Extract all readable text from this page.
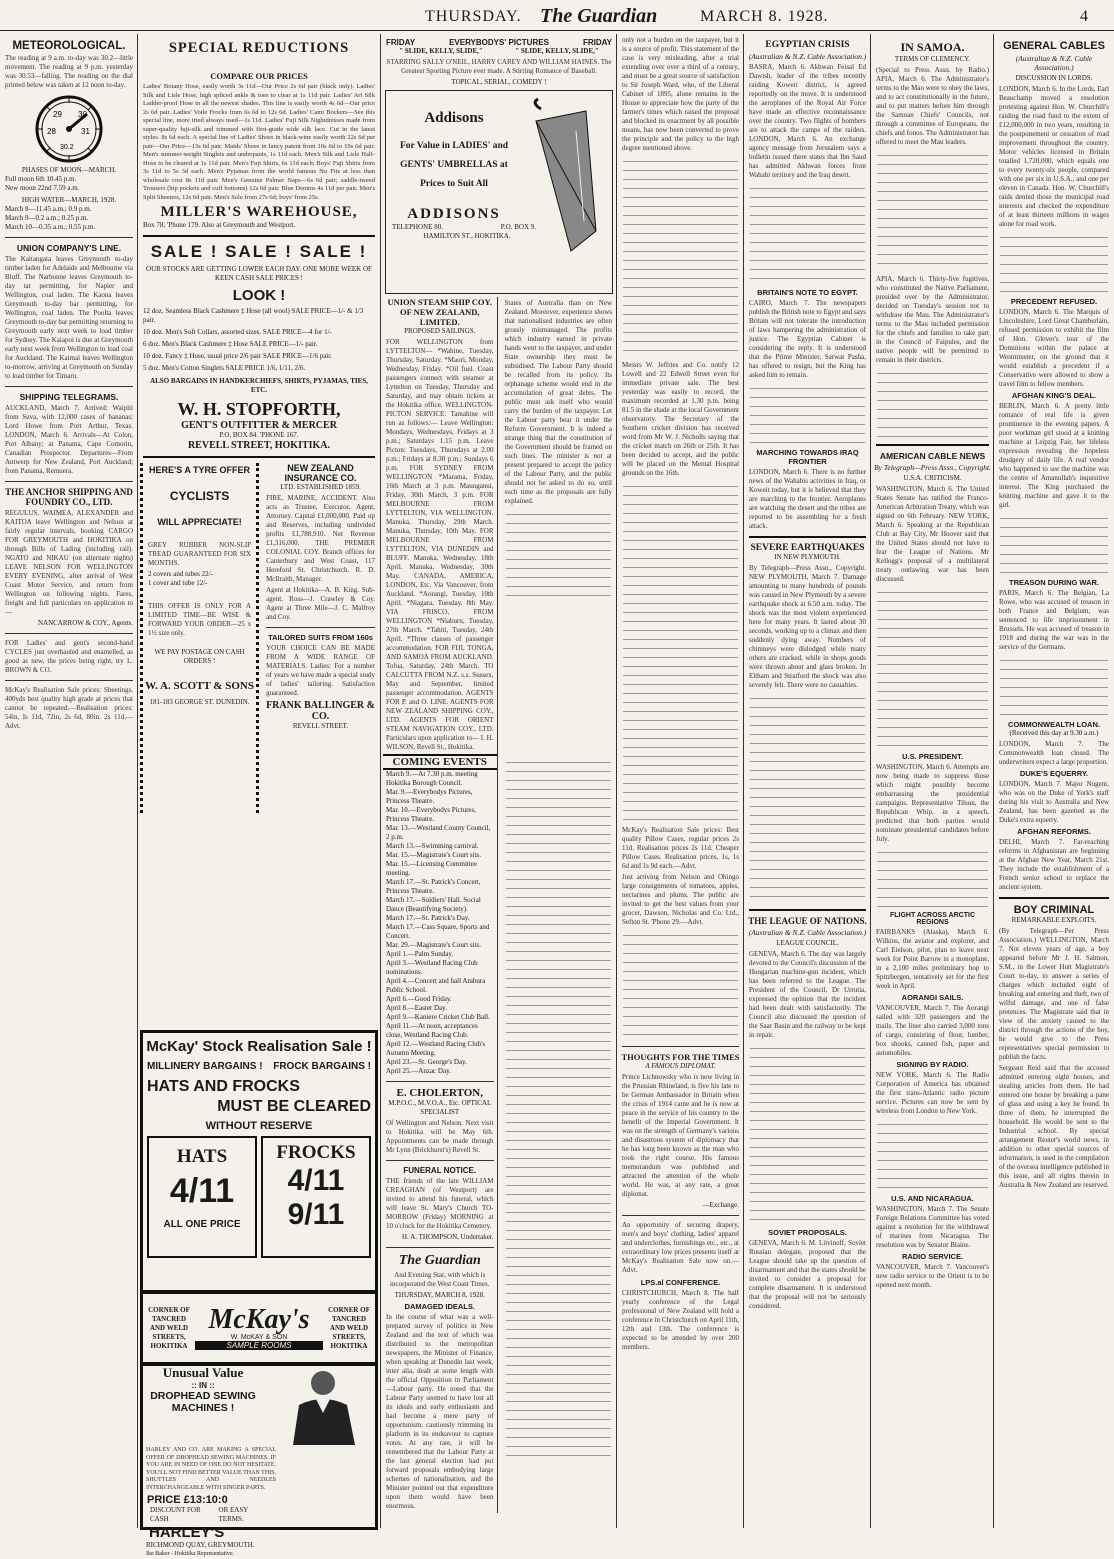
THURSDAY. The Guardian	MARCH 8. 1928.	4
METEOROLOGICAL.
The reading at 9 a.m. to-day was 30.2—little movement. The reading at 9 p.m. yesterday was 30.53—falling. The reading on the dial printed below was taken at 12 noon to-day.
28
29 30
31
30.2
PHASES OF MOON—MARCH.
Full moon 6th 10.45 p.m.
New moon 22nd 7.59 a.m.
HIGH WATER—MARCH, 1928.
March 8—11.45 a.m.; 0.9 p.m.
March 9—0.2 a.m.; 0.25 p.m.
March 10—0.35 a.m.; 0.55 p.m.
UNION COMPANY'S LINE.
The Kaitangata leaves Greymouth to-day timber laden for Adelaide and Melbourne via Bluff. The Narbonne leaves Greymouth to-day tar permitting, for Napier and Wellington, coal laden. The Kaona leaves Greymouth to-day bar permitting, for Wellington, coal laden. The Poolta leaves Greymouth to-day bar permitting returning to Greymouth early next week to load timber for Sydney. The Kaiapoi is due at Greymouth early next week from Wellington to load coal for Auckland. The Kaimai leaves Wellington to-morrow, arriving at Greymouth on Sunday to load timber for Timaru.
SHIPPING TELEGRAMS.
AUCKLAND, March 7. Arrived: Waipiti from Suva, with 12,000 cases of bananas; Lord Howe from Port Arthur, Texas. LONDON, March 6. Arrivals—At Colon, Port Albany; at Panama, Cape Comorin, Canadian Prospector. Departures—From Antwerp for New Zealand, Port Auckland; from Panama, Remuera.
THE ANCHOR SHIPPING AND FOUNDRY CO., LTD.
REGULUS, WAIMEA, ALEXANDER and KAITOA leave Wellington and Nelson at fairly regular intervals, booking CARGO FOR GREYMOUTH and HOKITIKA on through Bills of Lading (including rail). NGATO and NIKAU (on alternate nights) LEAVE NELSON FOR WELLINGTON EVERY EVENING, after arrival of West Coast Motor Service, and return from Wellington on following nights. Fares, freight and full particulars on application to—
NANCARROW & COY., Agents.
FOR Ladies' and gent's second-hand CYCLES just overhauled and enamelled, as good as new, the prices being right, try L. BROWN & CO.
McKay's Realisation Sale prices: Sheetings, 400yds best quality high grade at prices that cannot be repeated.—Realisation prices: 54in, Is 11d, 72in, 2s 6d, 80in. 2s 11d.—Advt.
SPECIAL REDUCTIONS
COMPARE OUR PRICES
Ladies' Botany Hose, easily worth 3s 11d—Our Price 2s 6d pair (black only). Ladies' Silk and Lisle Hose, high spliced ankle & toes to clear at 1s 11d pair. Ladies' Art Silk Ladder-proof Hose in all the newest shades. This line is easily worth 4s 6d—Our price 2s 6d pair. Ladies' Voile Frocks from 6s 6d to 12s 6d. Ladies' Cami Bockers—See this special line, more tried always used—1s 11d. Ladies' Fuji Silk Nightdresses made from super-quality fuji-silk and trimmed with first-grade wide silk lace. Cut in the latest styles. 8s 6d each. A special line of Ladies' Shoes in black-wine easily worth 22s 6d per pair—Our Price—13s 6d pair. Maids' Shoes in fancy patent from 10s 6d to 19s 6d pair. Men's summer-weight Singlets and underpants, 1s 11d each. Men's Silk and Lisle Half-Hose to be cleared at 1s 11d pair. Men's Fuji Shirts, 6s 11d each; Boys' Fuji Shirts from 3s 11d to 5s 3d each. Men's Pyjamas from the world famous Nu Fits at less than wholesale cost 8s 11d pair. Men's Genuine Palmer Naps—6s 6d pair; saddle-tweed Trousers (hip pockets and cuff bottoms) 12s 6d pair. Blue Denims 4s 11d per pair. Men's Split Sheeters, 12s 6d pair. Men's Sole from 27s 6d; boys' from 25s.
MILLER'S WAREHOUSE,
Box 78; 'Phone 179. Also at Greymouth and Westport.
SALE ! SALE ! SALE !
OUR STOCKS ARE GETTING LOWER EACH DAY. ONE MORE WEEK OF KEEN CASH SALE PRICES !
LOOK !
12 doz. Seamless Black Cashmere ‡ Hose (all wool) SALE PRICE—1/- & 1/3 pair.
10 doz. Men's Soft Collars, assorted sizes. SALE PRICE—4 for 1/-
6 doz. Men's Black Cashmere ‡ Hose SALE PRICE—1/- pair.
10 doz. Fancy ‡ Hose, usual price 2/6 pair SALE PRICE—1/6 pair.
5 doz. Men's Cotton Singlets SALE PRICE 1/6, 1/11, 2/6.
ALSO BARGAINS IN HANDKERCHIEFS, SHIRTS, PYJAMAS, TIES, ETC.
W. H. STOPFORTH,
GENT'S OUTFITTER & MERCER
P.O. BOX 84. 'PHONE 167.
REVELL STREET, HOKITIKA.
HERE'S A TYRE OFFER
CYCLISTS
WILL APPRECIATE!
GREY RUBBER NON-SLIP TREAD GUARANTEED FOR SIX MONTHS.
2 covers and tubes 22/-
1 cover and tube 12/-
THIS OFFER IS ONLY FOR A LIMITED TIME—BE WISE & FORWARD YOUR ORDER—25 x 1½ size only.
WE PAY POSTAGE ON CASH ORDERS !
W. A. SCOTT & SONS
181-183 GEORGE ST. DUNEDIN.
NEW ZEALAND INSURANCE CO.
LTD. ESTABLISHED 1859.
FIRE, MARINE, ACCIDENT. Also acts as Trustee, Executor, Agent, Attorney. Capital £1,000,000. Paid up and Reserves, including undivided profits £1,788,910. Net Revenue £1,316,000. THE PREMIER COLONIAL COY. Branch offices for Canterbury and West Coast, 117 Hereford St. Christchurch. R. D. McIlraith, Manager.
Agent at Hokitika—A. B. King. Sub-agent, Ross—J. Crawley & Coy. Agent at Three Mile—J. C. Malfroy and Coy.
TAILORED SUITS FROM 160s
YOUR CHOICE CAN BE MADE FROM A WIDE RANGE OF MATERIALS. Ladies: For a number of years we have made a special study of ladies' tailoring. Satisfaction guaranteed.
FRANK BALLINGER & CO.
REVELL STREET.
McKay' Stock Realisation Sale !
MILLINERY BARGAINS ! FROCK BARGAINS !
HATS AND FROCKS
MUST BE CLEARED
WITHOUT RESERVE
HATS
4/11
ALL ONE PRICE
FROCKS
4/11
9/11
CORNER OF TANCRED AND WELD STREETS, HOKITIKA
McKay's
W. McKAY & SON
SAMPLE ROOMS
CORNER OF TANCRED AND WELD STREETS, HOKITIKA
Unusual Value
:: IN ::
DROPHEAD SEWING MACHINES !
HARLEY AND CO. ARE MAKING A SPECIAL OFFER OF DROPHEAD SEWING MACHINES. IF YOU ARE IN NEED OF ONE DO NOT HESITATE. YOU'LL NOT FIND BETTER VALUE THAN THIS. SHUTTLES AND NEEDLES INTERCHANGEABLE WITH SINGER PARTS.
PRICE £13:10:0
DISCOUNT FOR CASH
OR EASY TERMS.
HARLEY'S
RICHMOND QUAY, GREYMOUTH.
Ike Baker - Hokitika Representative.
FRIDAY	EVERYBODYS' PICTURES	FRIDAY
" SLIDE, KELLY, SLIDE,"	" SLIDE, KELLY, SLIDE,"
STARRING SALLY O'NEIL, HARRY CAREY AND WILLIAM HAINES. The Greatest Sporting Picture ever made. A Stirring Romance of Baseball.
TOPICAL, SERIAL, COMEDY !
Addisons
For Value in LADIES' and GENTS' UMBRELLAS at Prices to Suit All
ADDISONS
TELEPHONE 80.	P.O. BOX 9.
HAMILTON ST., HOKITIKA.
UNION STEAM SHIP COY. OF NEW ZEALAND, LIMITED.
PROPOSED SAILINGS.
FOR WELLINGTON from LYTTELTON— *Wahine, Tuesday, Thursday, Saturday. *Maori, Monday, Wednesday, Friday. *Oil fuel. Coast passengers connect with steamer at Lyttelton on Tuesday, Thursday and Saturday, and may obtain tickets at the Hokitika office. WELLINGTON-PICTON SERVICE. Tamahine will run as follows:— Leave Wellington: Mondays, Wednesdays, Fridays at 3 p.m.; Saturdays 1.15 p.m. Leave Picton: Tuesdays, Thursdays at 2.00 p.m.; Fridays at 8.30 p.m.; Sundays 6 p.m. FOR SYDNEY FROM WELLINGTON *Marama, Friday, 16th March at 3 p.m. Maunganui, Friday, 30th March, 3 p.m. FOR MELBOURNE FROM LYTTELTON, VIA WELLINGTON. Manuka, Thursday, 29th March. Manuka, Thursday, 10th May. FOR MELBOURNE FROM LYTTELTON, VIA DUNEDIN and BLUFF. Manuka, Wednesday, 18th April. Manuka, Wednesday, 30th May. CANADA, AMERICA, LONDON, Etc. Via Vancouver, from Auckland. *Aorangi, Tuesday, 10th April. *Niagara, Tuesday, 8th May. VIA FRISCO, FROM WELLINGTON *Niaburu, Tuesday, 27th March. *Tahiti, Tuesday, 24th April. *Three classes of passenger accommodation. FOR FIJI, TONGA, AND SAMOA FROM AUCKLAND. Tofua, Saturday, 24th March. TO CALCUTTA FROM N.Z. s.s. Sussex, May and September, limited passenger accommodation. AGENTS FOR P. and O. LINE. AGENTS FOR NEW ZEALAND SHIPPING COY., LTD. AGENTS FOR ORIENT STEAM NAVIGATION COY., LTD. Particulars upon application to— I. H. WILSON, Revell St., Hokitika.
States of Australia than on New Zealand. Moreover, experience shows that nationalised industries are often grossly mismanaged. The profits which industry earned in private hands went to the taxpayer, and under State ownership they must be subsidised. The Labour Party should be recalled from its policy. Its orphanage scheme would end in the accumulation of great debts. The public must ask itself who would carry the burden of the taxpayer. Let the Labour party bear it under the Reform Government. It is indeed a strange thing that the constitution of the Government should be framed on such lines. The minister is not at present prepared to accept the policy of the Labour Party, and the public should not be asked to do so, until such time as the proposals are fully explained.
COMING EVENTS
March 9.—At 7.30 p.m. meeting Hokitika Borough Council.
Mar. 9.—Everybodys Pictures, Princess Theatre.
Mar. 10.—Everybodys Pictures, Princess Theatre.
Mar. 13.—Westland County Council, 2 p.m.
March 13.—Swimming carnival.
Mar. 15.—Magistrate's Court sits.
Mar. 15.—Licensing Committee meeting.
March 17.—St. Patrick's Concert, Princess Theatre.
March 17.—Soldiers' Hall. Social Dance (Beautifying Society).
March 17.—St. Patrick's Day.
March 17.—Cass Square, Sports and Concert.
Mar. 29.—Magistrate's Court sits.
April 1.—Palm Sunday.
April 3.—Westland Racing Club nominations.
April 4.—Concert and hall Arahura Public School.
April 6.—Good Friday.
April 8.—Easter Day.
April 9.—Kaniere Cricket Club Ball.
April 11.—At noon, acceptances close, Westland Racing Club.
April 12.—Westland Racing Club's Autumn Meeting.
April 23.—St. George's Day.
April 25.—Anzac Day.
E. CHOLERTON,
M.P.O.C., M.V.O.A., Etc. OPTICAL SPECIALIST
Of Wellington and Nelson. Next visit to Hokitika will be May 6th. Appointments can be made through Mr Lynn (Brickhurst's) Revell St.
FUNERAL NOTICE.
THE friends of the late WILLIAM CREAGHAN (of Westport) are invited to attend his funeral, which will leave St. Mary's Church TO-MORROW (Friday) MORNING at 10 o'clock for the Hokitika Cemetery.
H. A. THOMPSON, Undertaker.
The Guardian
And Evening Star, with which is incorporated the West Coast Times.
THURSDAY, MARCH 8, 1928.
DAMAGED IDEALS.
In the course of what was a well-prepared survey of politics in New Zealand and the text of which was distributed to the metropolitan newspapers, the Minister of Finance, when speaking at Dunedin last week, inter alia, dealt at some length with the official Opposition in Parliament—Labour party. He noted that the Labour Party seemed to have lost all its ideals and early enthusiasm and had become a mere party of opportunism, cautiously trimming its platform in its endeavour to capture votes. At any rate, it will be remembered that the Labour Party at the last general election had put forward proposals embodying large schemes of nationalisation, and the Minister pointed out that expenditure upon them would have been enormous.
only not a burden on the taxpayer, but it is a source of profit. This statement of the case is very misleading, after a trial extending over over a third of a century, and must be a great source of satisfaction to Sir Joseph Ward, who, of the Liberal Cabinet of 1895, alone remains in the House to appreciate how the party of the farmer's times which raised the proposal and blocked its enactment by all possible means, has now been converted to prove the principle and the policy to the high degree mentioned above.
Messrs W. Jeffries and Co. notify 12 Lowell and 22 Edwell Street even for immediate private sale. The best yesterday was easily to record, the maximum recorded at 1.30 p.m. being 81.5 in the shade at the local Government observatory. The Secretary of the Southern cricket division has received word from Mr W. J. Nicholls saying that the cricket match on 26th or 25th. It has been decided to accept, and the public will be placed on the Mental Hospital grounds on the 16th.
McKay's Realisation Sale prices: Best quality Pillow Cases, regular prices 2s 11d. Realisation prices 2s 11d. Cheaper Pillow Cases. Realisation prices, 1s, 1s 6d and 1s 9d each.—Advt.
Just arriving from Nelson and Ohingo large consignments of tomatoes, apples, nectarines and plums. The public are invited to get the best values from your grocer, Dawson, Nicholas and Co. Ltd., Sefton St. 'Phone 29.—Advt.
THOUGHTS FOR THE TIMES
A FAMOUS DIPLOMAT.
Prince Lichnowsky who is now living in the Prussian Rhineland, is five his late to be German Ambassador in Britain when the crisis of 1914 came and he is now at peace in the service of his country to the benefit of the Imperial Government. It was on the strength of Germany's various and disastrous system of diplomacy that he has long been known as the man who took the right course. His famous memorandum was published and attracted the attention of the whole world. He was, at any rate, a great diplomat.
—Exchange.
An opportunity of securing drapery, men's and boys' clothing, ladies' apparel and underclothes, furnishings etc., etc., at extraordinary low prices presents itself at McKay's Realisation Sale now on.—Advt.
LPS.al CONFERENCE.
CHRISTCHURCH, March 8. The half yearly conference of the Legal professional of New Zealand will hold a conference in Christchurch on April 11th, 12th and 13th. The conference is expected to be attended by over 200 members.
EGYPTIAN CRISIS
(Australian & N.Z. Cable Association.)
BASRA, March 6. Akhwan Feisal Ed Dawish, leader of the tribes recently raiding Koweit district, is agreed reportedly on the move. It is understood the aeroplanes of the Royal Air Force have made an effective reconnaissance over the country. Two flights of bombers are to attack the camps of the raiders. LONDON, March 6. An exchange agency message from Jerusalem says a bulletin issued there states that Ibn Saud has admitted Akhwan forces from Wahabi territory and the Iraq desert.
BRITAIN'S NOTE TO EGYPT.
CAIRO, March 7. The newspapers publish the British note to Egypt and says Britain will not tolerate the introduction of laws hampering the administration of justice. The Egyptian Cabinet is considering the reply. It is understood that the Prime Minister, Sarwat Pasha, has offered to resign, but the King has asked him to remain.
MARCHING TOWARDS IRAQ FRONTIER
LONDON, March 6. There is no further news of the Wahabis activities in Iraq, or Koweit today, but it is believed that they are marching to the frontier. Aeroplanes are watching the desert and the tribes are reported to be assembling for a fresh attack.
SEVERE EARTHQUAKES
IN NEW PLYMOUTH.
By Telegraph—Press Assn., Copyright. NEW PLYMOUTH, March 7. Damage amounting to many hundreds of pounds was caused in New Plymouth by a severe earthquake shock at 6.50 a.m. today. The shock was the most violent experienced here for many years. It lasted about 30 seconds, working up to a climax and then suddenly dying away. Numbers of chimneys were dislodged while many others are cracked, while in shops goods were thrown about and glass broken. In Eltham and Stratford the shock was also severely felt. There were no casualties.
THE LEAGUE OF NATIONS.
(Australian & N.Z. Cable Association.)
LEAGUE COUNCIL.
GENEVA, March 6. The day was largely devoted to the Council's discussion of the Hungarian machine-gun incident, which has been referred to the League. The President of the Council, Dr Urrutia, expressed the opinion that the incident had been dealt with satisfactorily. The Council also discussed the question of the Saar Basin and the railway to be kept in repair.
SOVIET PROPOSALS.
GENEVA, March 6. M. Litvinoff, Soviet Russian delegate, proposed that the League should take up the question of disarmament and that the states should be invited to consider a proposal for complete disarmament. It is understood that the proposal will not be seriously considered.
IN SAMOA.
TERMS OF CLEMENCY.
(Special to Press Assn. by Radio.) APIA, March 6. The Administrator's terms to the Mau were to obey the laws, and to act constitutionally in the future, and to put matters before him through the Samoan Chiefs' Councils, not through a committee of Europeans, the chiefs and fonos. The Administrator has offered to meet the Mau leaders.
APIA, March 6. Thirty-five fugitives, who constituted the Native Parliament, presided over by the Administrator, decided on Tuesday's session not to withdraw the Mau. The Administrator's terms to the Mau included permission for the chiefs and families to take part in the Council of Faipules, and the native people will be permitted to remain in their districts.
AMERICAN CABLE NEWS
By Telegraph—Press Assn., Copyright.
U.S.A. CRITICISM.
WASHINGTON, March 6. The United States Senate has ratified the Franco-American Arbitration Treaty, which was signed on 6th February. NEW YORK, March 6. Speaking at the Republican Club at Bay City, Mr Hoover said that the United States should not have to fear the League of Nations. Mr Kellogg's proposal of a multilateral treaty outlawing war has been discussed.
U.S. PRESIDENT.
WASHINGTON, March 6. Attempts are now being made to suppress those which might possibly become embarrassing the presidential campaigns. Representative Tilson, the Republican Whip, in a speech, predicted that both parties would nominate presidential candidates before July.
FLIGHT ACROSS ARCTIC REGIONS
FAIRBANKS (Alaska), March 6. Wilkins, the aviator and explorer, and Carl Eielson, pilot, plan to leave next week for Point Barrow in a monoplane, in a 2,100 miles preliminary hop to Spitzbergen, tentatively set for the first week in April.
AORANGI SAILS.
VANCOUVER, March 7. The Aorangi sailed with 320 passengers and the mails. The liner also carried 3,000 tons of cargo, consisting of flour, lumber, box shooks, canned fish, paper and automobiles.
SIGNING BY RADIO.
NEW YORK, March 6. The Radio Corporation of America has obtained the first trans-Atlantic radio picture service. Pictures can now be sent by wireless from London to New York.
U.S. AND NICARAGUA.
WASHINGTON, March 7. The Senate Foreign Relations Committee has voted against a resolution for the withdrawal of marines from Nicaragua. The resolution was by Senator Blaine.
RADIO SERVICE.
VANCOUVER, March 7. Vancouver's new radio service to the Orient is to be opened next month.
GENERAL CABLES
(Australian & N.Z. Cable Association.)
DISCUSSION IN LORDS.
LONDON, March 6. In the Lords, Earl Beauchamp moved a resolution protesting against Hon. W. Churchill's raiding the road fund to the extent of £12,000,000 in two years, resulting in the postponement or cessation of road improvement throughout the country. Motor vehicles licensed in Britain totalled 1,720,000, which equals one to every twenty-six people, compared with one per six in U.S.A., and one per eleven in Canada. Hon. W. Churchill's raids denied those the municipal road interests and checked the expenditure of at least thirteen millions in wages alone for road work.
PRECEDENT REFUSED.
LONDON, March 6. The Marquis of Lincolnshire, Lord Great Chamberlain, refused permission to exhibit the film of Hon. Glover's tour of the Dominions within the palace at Westminster, on the ground that it would establish a precedent if a Conservative were allowed to show a travel film to fellow members.
AFGHAN KING'S DEAL.
BERLIN, March 6. A pretty little romance of real life is given prominence in the evening papers. A poor workman girl stood at a knitting machine at Leipzig Fair, her lifeless expression revealing the hopeless drudgery of daily life. A real vendor who happened to see the machine was the centre of Amanullah's inquisitive interest. The King purchased the knitting machine and gave it to the girl.
TREASON DURING WAR.
PARIS, March 6. The Belgian, La Rowe, who was accused of treason in both France and Belgium, was sentenced to life imprisonment in Brussels. He was accused of treason in 1918 and during the war was in the service of the Germans.
COMMONWEALTH LOAN.
(Received this day at 9.30 a.m.)
LONDON, March 7. The Commonwealth loan closed. The underwriters expect a large proportion.
DUKE'S EQUERRY.
LONDON, March 7. Major Nugent, who was on the Duke of York's staff during his visit to Australia and New Zealand, has been gazetted as the Duke's extra equerry.
AFGHAN REFORMS.
DELHI, March 7. Far-reaching reforms in Afghanistan are beginning at the Afghan New Year, March 21st. They include the establishment of a French senior school to replace the ancient system.
BOY CRIMINAL
REMARKABLE EXPLOITS.
(By Telegraph—Per Press Association.) WELLINGTON, March 7. Not eleven years of age, a boy appeared before Mr J. H. Salmon, S.M., in the Lower Hutt Magistrate's Court to-day, to answer a series of charges which included eight of breaking and entering and theft, two of wilful damage, and one of false pretences. The Magistrate said that in view of the anxiety caused to the district through the actions of the boy, he would give to the Press representatives special permission to publish the facts.
Sergeant Reid said that the accused admitted entering eight houses, and stealing articles from them. He had entered one house by breaking a pane of glass and using a key he found. In three of them, he interrupted the household. He would be sent to the Industrial school. By special arrangement Reuter's world news, in addition to other special sources of information, is used in the compilation of the oversea intelligence published in this issue, and all rights therein in Australia & New Zealand are reserved.
